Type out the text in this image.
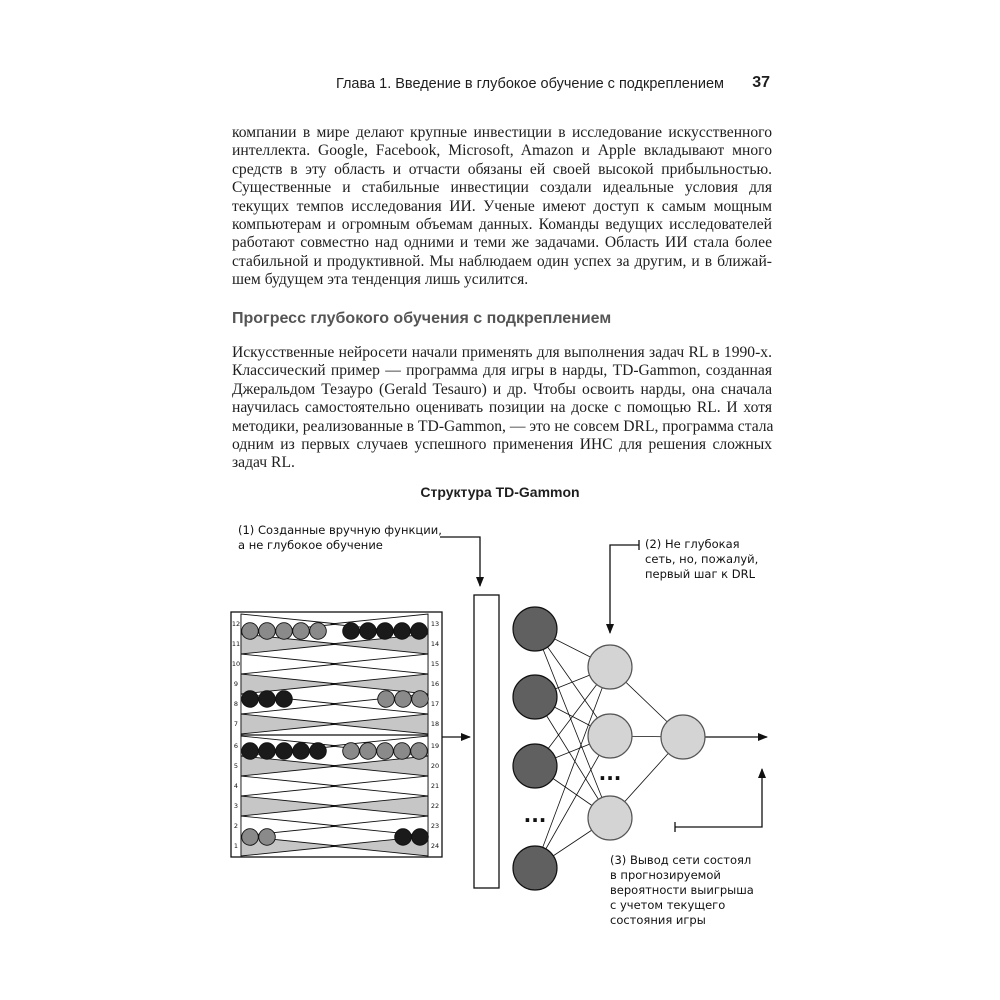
Глава 1. Введение в глубокое обучение с подкреплением 37

компании в мире делают крупные инвестиции в исследование искусственного
интеллекта. Google, Facebook, Microsoft, Amazon и Apple вкладывают много
средств в эту область и отчасти обязаны ей своей высокой прибыльностью.
Существенные и стабильные инвестиции создали идеальные условия для
текущих темпов исследования ИИ. Ученые имеют доступ к самым мощным
компьютерам и огромным объемам данных. Команды ведущих исследователей
работают совместно над одними и теми же задачами. Область ИИ стала более
стабильной и продуктивной. Мы наблюдаем один успех за другим, и в ближай-
шем будущем эта тенденция лишь усилится.

Прогресс глубокого обучения с подкреплением

Искусственные нейросети начали применять для выполнения задач RL в 1990-х.
Классический пример — программа для игры в нарды, TD-Gammon, созданная
Джеральдом Тезауро (Gerald Tesauro) и др. Чтобы освоить нарды, она сначала
научилась самостоятельно оценивать позиции на доске с помощью RL. И хотя
методики, реализованные в TD-Gammon, — это не совсем DRL, программа стала
одним из первых случаев успешного применения ИНС для решения сложных
задач RL.

Структура TD-Gammon
(1) Созданные вручную функции,
а не глубокое обучение	(2) Не глубокая
сеть, но, пожалуй,
первый шаг к DRL
(3) Вывод сети состоял
в прогнозируемой
вероятности выигрыша
с учетом текущего
состояния игры
12
11
10
9
8
7
6
5
4
3
2
1
13
14
15
16
17
18
19
20
21
22
23
24
...
...
